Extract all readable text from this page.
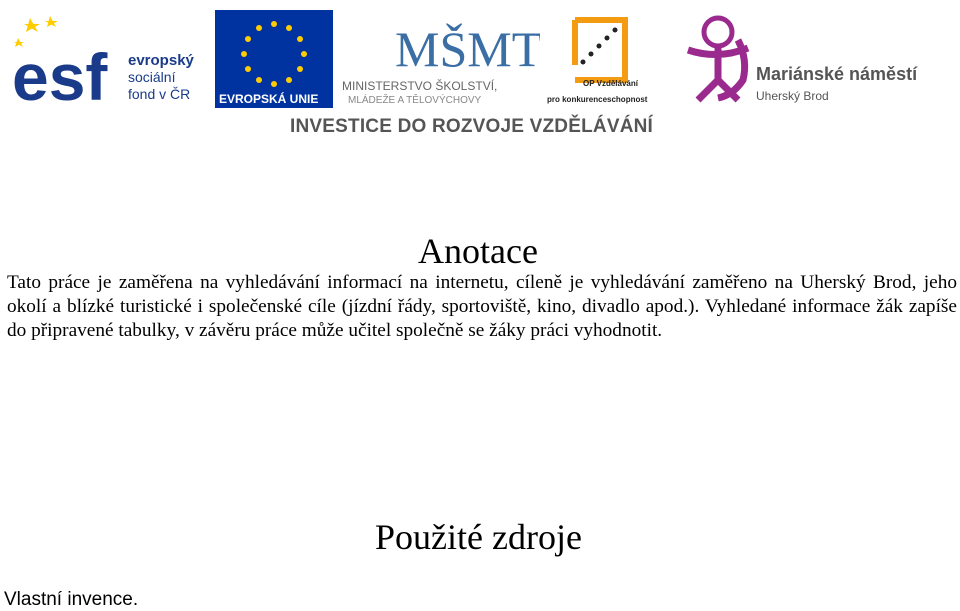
esf evropský
sociální
fond v ČR EVROPSKÁ UNIE
MŠMT
MINISTERSTVO ŠKOLSTVÍ,
MLÁDEŽE A TĚLOVÝCHOVY
OP Vzdělávání
pro konkurenceschopnost
Mariánské náměstí
Uherský Brod
INVESTICE DO ROZVOJE VZDĚLÁVÁNÍ
Anotace
Tato práce je zaměřena na vyhledávání informací na internetu, cíleně je vyhledávání zaměřeno na Uherský Brod, jeho okolí a blízké turistické i společenské cíle (jízdní řády, sportoviště, kino, divadlo apod.). Vyhledané informace žák zapíše do připravené tabulky, v závěru práce může učitel společně se žáky práci vyhodnotit.
Použité zdroje
Vlastní invence.
